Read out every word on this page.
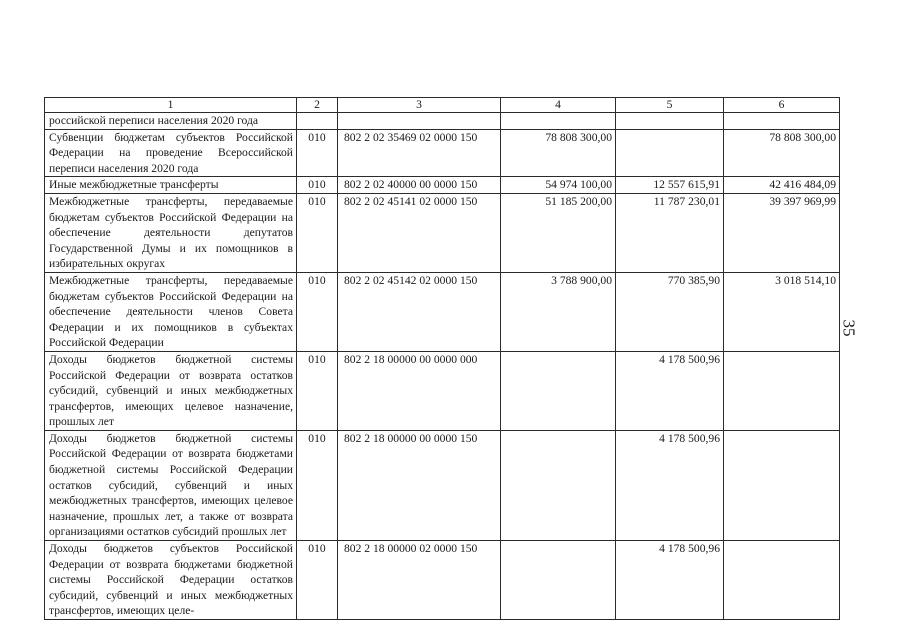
35
1	2	3	4	5	6
российской переписи населения 2020 года					
Субвенции бюджетам субъектов Российской Федерации на проведение Всероссийской переписи населения 2020 года	010	802 2 02 35469 02 0000 150	78 808 300,00		78 808 300,00
Иные межбюджетные трансферты	010	802 2 02 40000 00 0000 150	54 974 100,00	12 557 615,91	42 416 484,09
Межбюджетные трансферты, передаваемые бюджетам субъектов Российской Федерации на обеспечение деятельности депутатов Государственной Думы и их помощников в избирательных округах	010	802 2 02 45141 02 0000 150	51 185 200,00	11 787 230,01	39 397 969,99
Межбюджетные трансферты, передаваемые бюджетам субъектов Российской Федерации на обеспечение деятельности членов Совета Федерации и их помощников в субъектах Российской Федерации	010	802 2 02 45142 02 0000 150	3 788 900,00	770 385,90	3 018 514,10
Доходы бюджетов бюджетной системы Российской Федерации от возврата остатков субсидий, субвенций и иных межбюджетных трансфертов, имеющих целевое назначение, прошлых лет	010	802 2 18 00000 00 0000 000		4 178 500,96	
Доходы бюджетов бюджетной системы Российской Федерации от возврата бюджетами бюджетной системы Российской Федерации остатков субсидий, субвенций и иных межбюджетных трансфертов, имеющих целевое назначение, прошлых лет, а также от возврата организациями остатков субсидий прошлых лет	010	802 2 18 00000 00 0000 150		4 178 500,96	
Доходы бюджетов субъектов Российской Федерации от возврата бюджетами бюджетной системы Российской Федерации остатков субсидий, субвенций и иных межбюджетных трансфертов, имеющих целе-	010	802 2 18 00000 02 0000 150		4 178 500,96	
